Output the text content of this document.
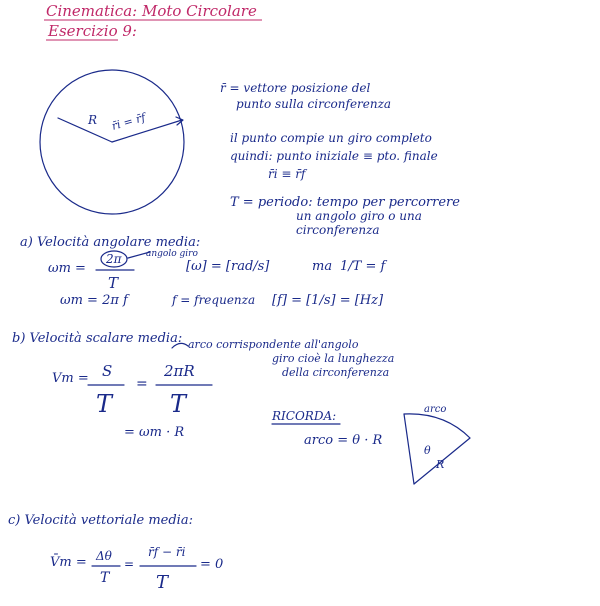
Cinematica: Moto Circolare
Esercizio 9:
R r̄i = r̄f
r̄ = vettore posizione del
punto sulla circonferenza
il punto compie un giro completo
quindi: punto iniziale ≡ pto. finale
r̄i ≡ r̄f
T = periodo: tempo per percorrere
un angolo giro o una
circonferenza
a) Velocità angolare media:
ωm =
2π
T
angolo giro
[ω] = [rad/s]	ma 1/T = f
ωm = 2π f	f = frequenza [f] = [1/s] = [Hz]
b) Velocità scalare media: arco corrispondente all'angolo
giro cioè la lunghezza
della circonferenza
Vm = S
T
=
2πR
T
= ωm · R
RICORDA:
arco = θ · R
arco
θ
R
c) Velocità vettoriale media:
V̄m = Δθ
T
=
r̄f − r̄i
T
= 0
